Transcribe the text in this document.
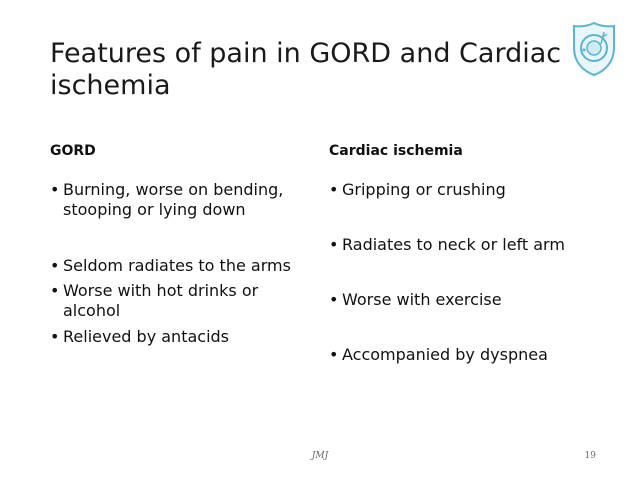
Features of pain in GORD and Cardiac ischemia
GORD
• Burning, worse on bending, stooping or lying down
• Seldom radiates to the arms
• Worse with hot drinks or alcohol
• Relieved by antacids
Cardiac ischemia
• Gripping or crushing
• Radiates to neck or left arm
• Worse with exercise
• Accompanied by dyspnea
JMJ	19
